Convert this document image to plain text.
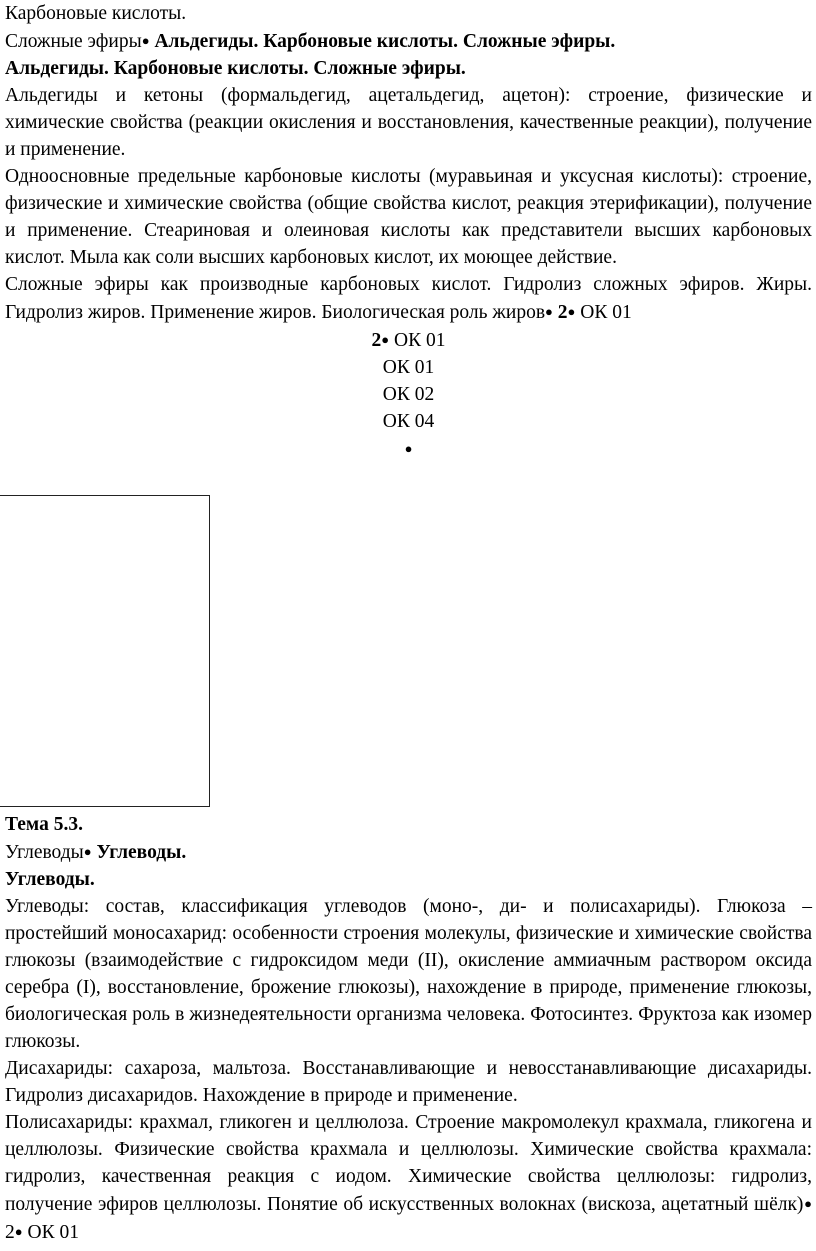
Карбоновые кислоты.

Сложные эфиры● Альдегиды. Карбоновые кислоты. Сложные эфиры.

Альдегиды. Карбоновые кислоты. Сложные эфиры.

Альдегиды и кетоны (формальдегид, ацетальдегид, ацетон): строение, физические и химические свойства (реакции окисления и восстановления, качественные реакции), получение и применение.

Одноосновные предельные карбоновые кислоты (муравьиная и уксусная кислоты): строение, физические и химические свойства (общие свойства кислот, реакция этерификации), получение и применение. Стеариновая и олеиновая кислоты как представители высших карбоновых кислот. Мыла как соли высших карбоновых кислот, их моющее действие.

Сложные эфиры как производные карбоновых кислот. Гидролиз сложных эфиров. Жиры. Гидролиз жиров. Применение жиров. Биологическая роль жиров● 2● ОК 01

2● ОК 01

ОК 01

ОК 02

ОК 04

●

Тема 5.3.

Углеводы● Углеводы.

Углеводы.

Углеводы: состав, классификация углеводов (моно-, ди- и полисахариды). Глюкоза – простейший моносахарид: особенности строения молекулы, физические и химические свойства глюкозы (взаимодействие с гидроксидом меди (II), окисление аммиачным раствором оксида серебра (I), восстановление, брожение глюкозы), нахождение в природе, применение глюкозы, биологическая роль в жизнедеятельности организма человека. Фотосинтез. Фруктоза как изомер глюкозы.

Дисахариды: сахароза, мальтоза. Восстанавливающие и невосстанавливающие дисахариды. Гидролиз дисахаридов. Нахождение в природе и применение.

Полисахариды: крахмал, гликоген и целлюлоза. Строение макромолекул крахмала, гликогена и целлюлозы. Физические свойства крахмала и целлюлозы. Химические свойства крахмала: гидролиз, качественная реакция с иодом. Химические свойства целлюлозы: гидролиз, получение эфиров целлюлозы. Понятие об искусственных волокнах (вискоза, ацетатный шёлк)● 2● ОК 01
